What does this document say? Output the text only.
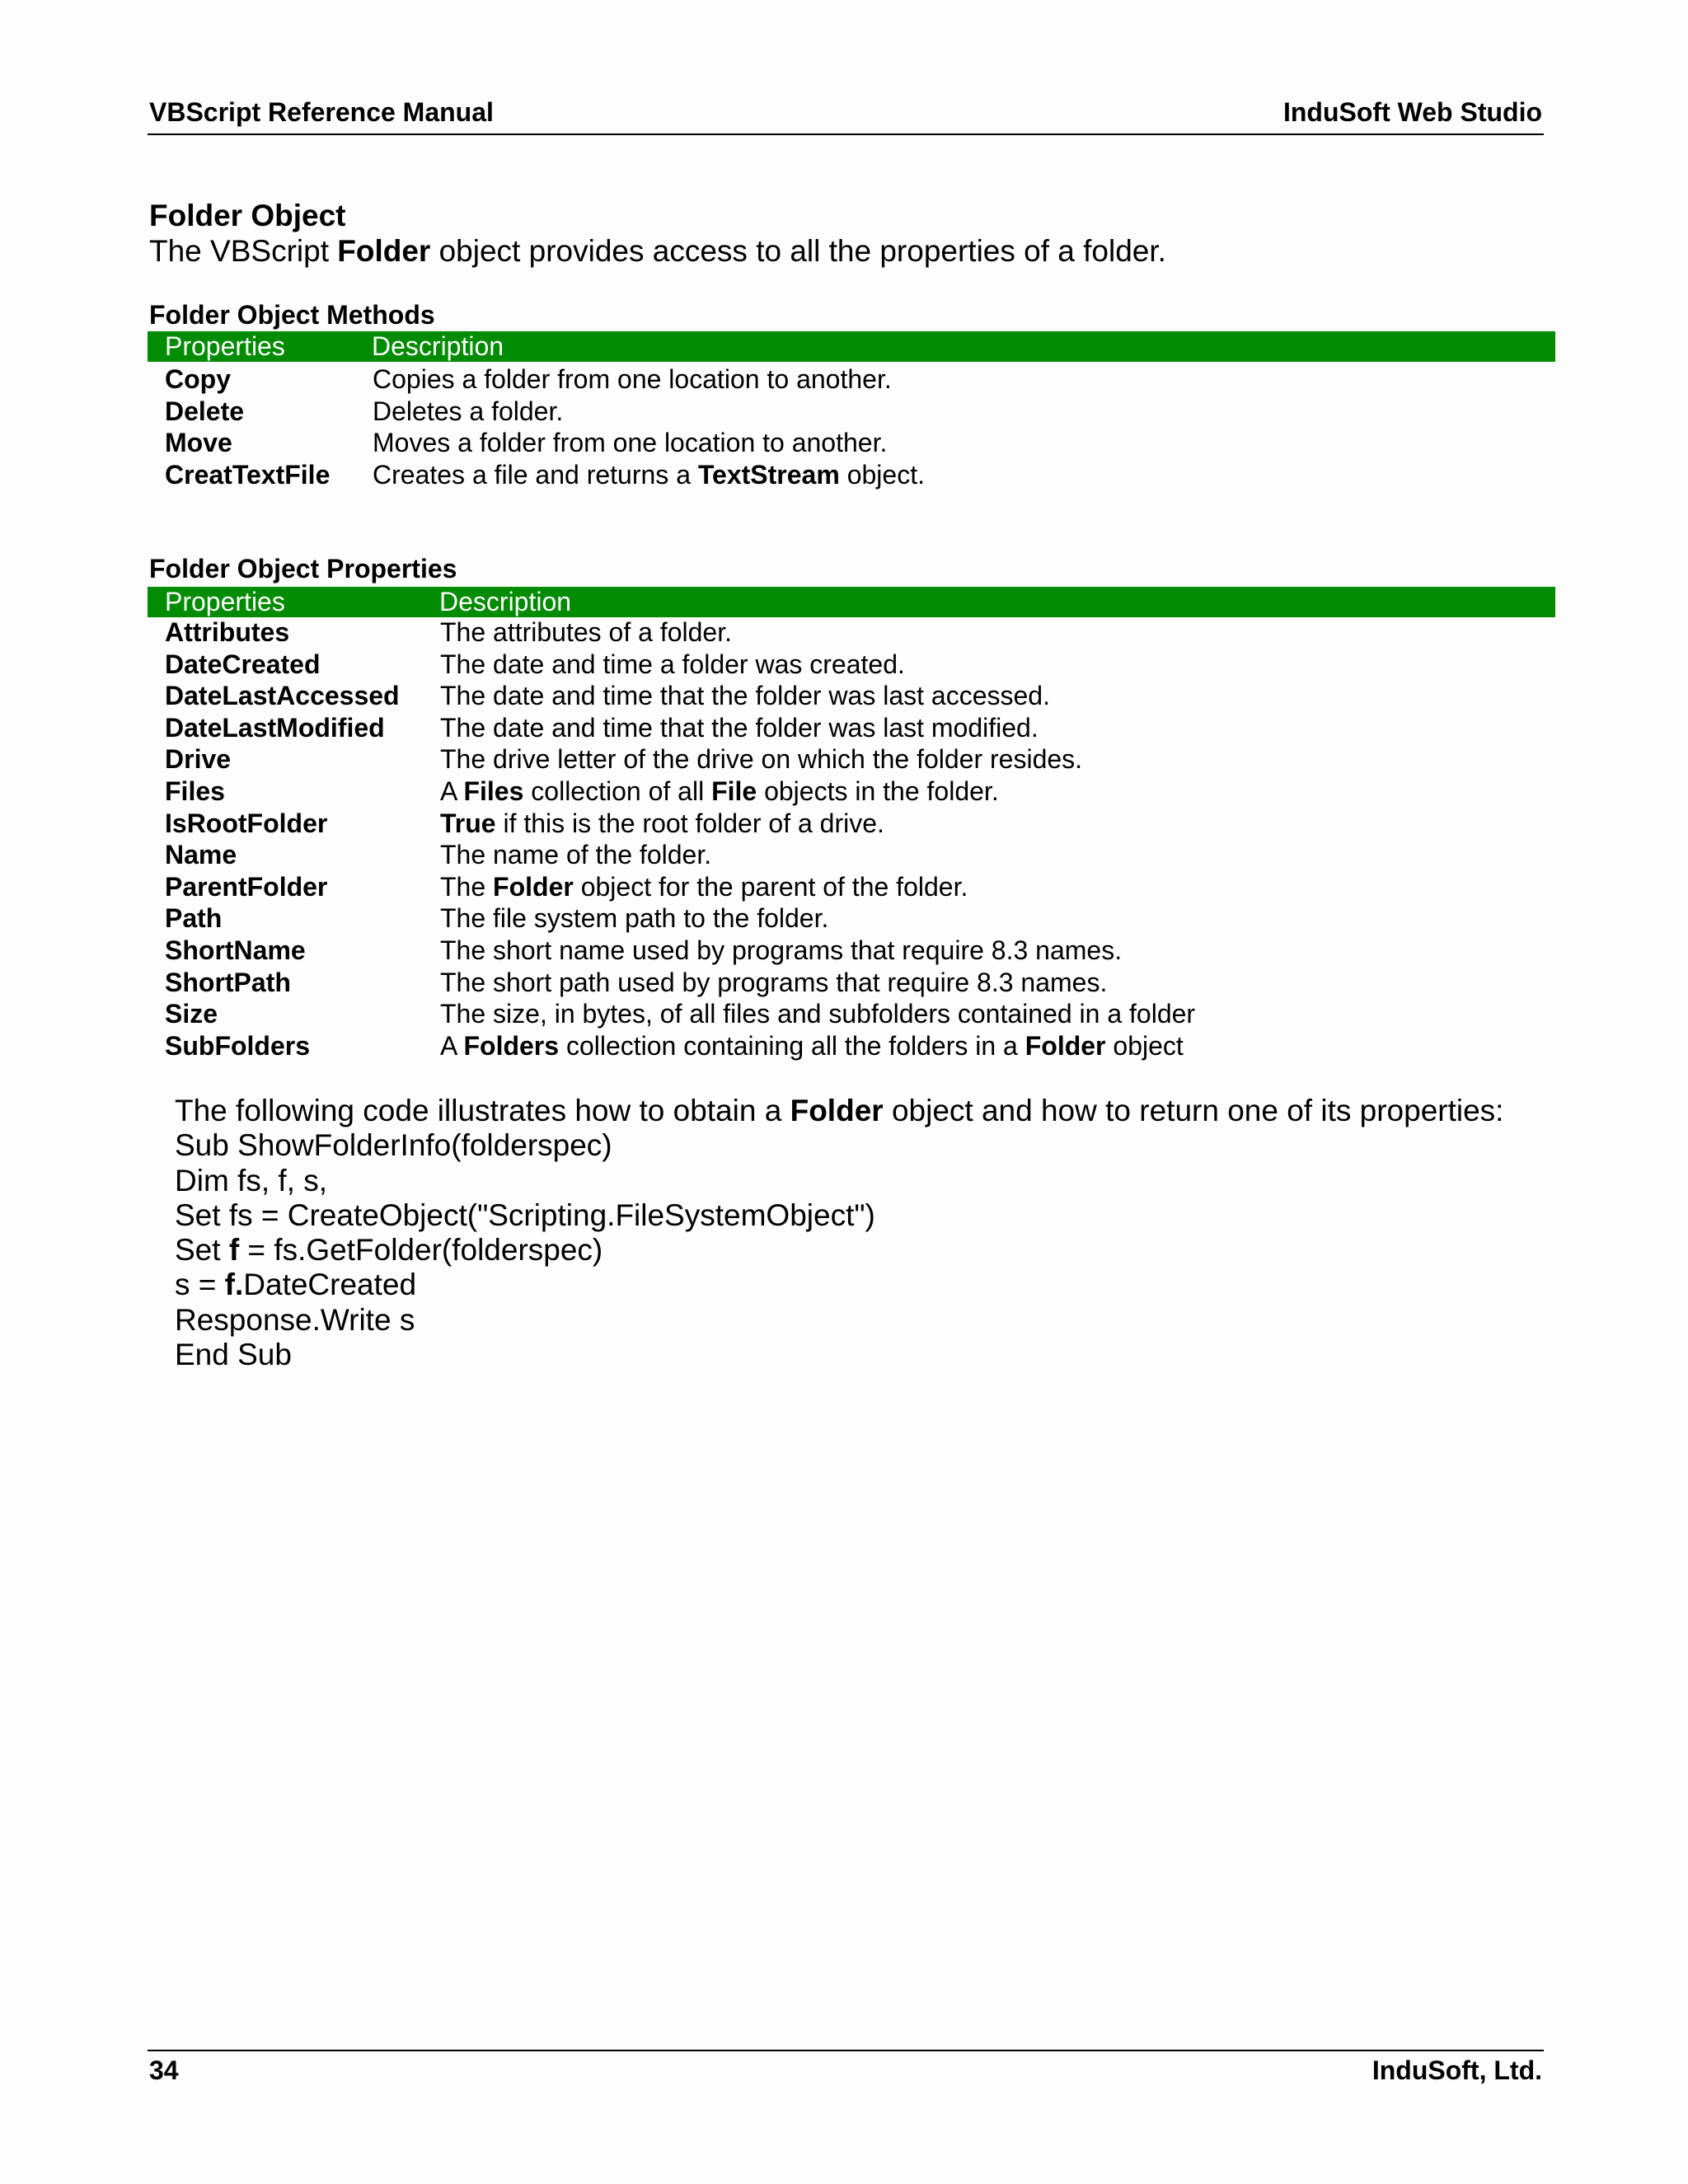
VBScript Reference Manual	InduSoft Web Studio
Folder Object
The VBScript Folder object provides access to all the properties of a folder.
Folder Object Methods
Properties	Description
Copy	Copies a folder from one location to another.
Delete	Deletes a folder.
Move	Moves a folder from one location to another.
CreatTextFile Creates a file and returns a TextStream object.
Folder Object Properties
Properties	Description
Attributes	The attributes of a folder.
DateCreated	The date and time a folder was created.
DateLastAccessed The date and time that the folder was last accessed.
DateLastModified The date and time that the folder was last modified.
Drive	The drive letter of the drive on which the folder resides.
Files	A Files collection of all File objects in the folder.
IsRootFolder	True if this is the root folder of a drive.
Name	The name of the folder.
ParentFolder	The Folder object for the parent of the folder.
Path	The file system path to the folder.
ShortName	The short name used by programs that require 8.3 names.
ShortPath	The short path used by programs that require 8.3 names.
Size	The size, in bytes, of all files and subfolders contained in a folder
SubFolders	A Folders collection containing all the folders in a Folder object
The following code illustrates how to obtain a Folder object and how to return one of its properties:
Sub ShowFolderInfo(folderspec)
Dim fs, f, s,
Set fs = CreateObject("Scripting.FileSystemObject")
Set f = fs.GetFolder(folderspec)
s = f.DateCreated
Response.Write s
End Sub
34	InduSoft, Ltd.
